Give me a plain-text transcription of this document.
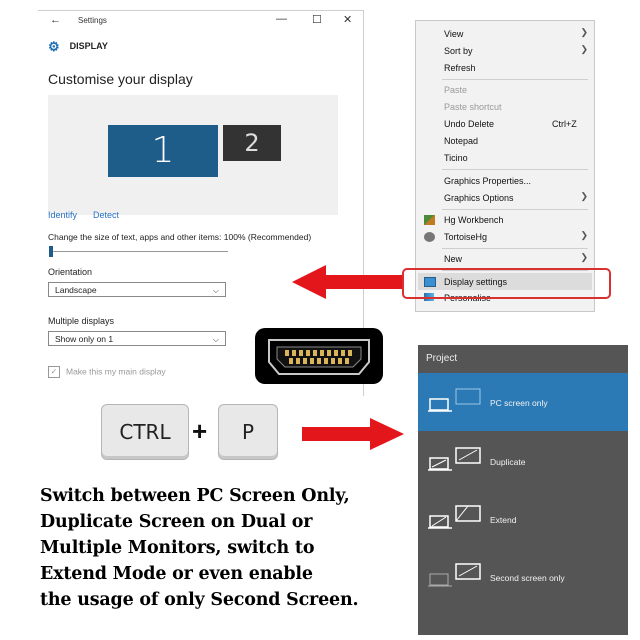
← Settings	— ☐ ✕
⚙ DISPLAY
Customise your display
1	2
Identify Detect
Change the size of text, apps and other items: 100% (Recommended)
Orientation
Landscape	⌵
Multiple displays
Show only on 1	⌵
✓ Make this my main display
View	❯
Sort by	❯
Refresh
Paste
Paste shortcut
Undo Delete	Ctrl+Z
Notepad
Ticino
Graphics Properties...
Graphics Options	❯
Hg Workbench
TortoiseHg	❯
New	❯
Display settings
Personalise
CTRL +	P
Switch between PC Screen Only,
Duplicate Screen on Dual or
Multiple Monitors, switch to
Extend Mode or even enable
the usage of only Second Screen.
Project
PC screen only
Duplicate
Extend
Second screen only
